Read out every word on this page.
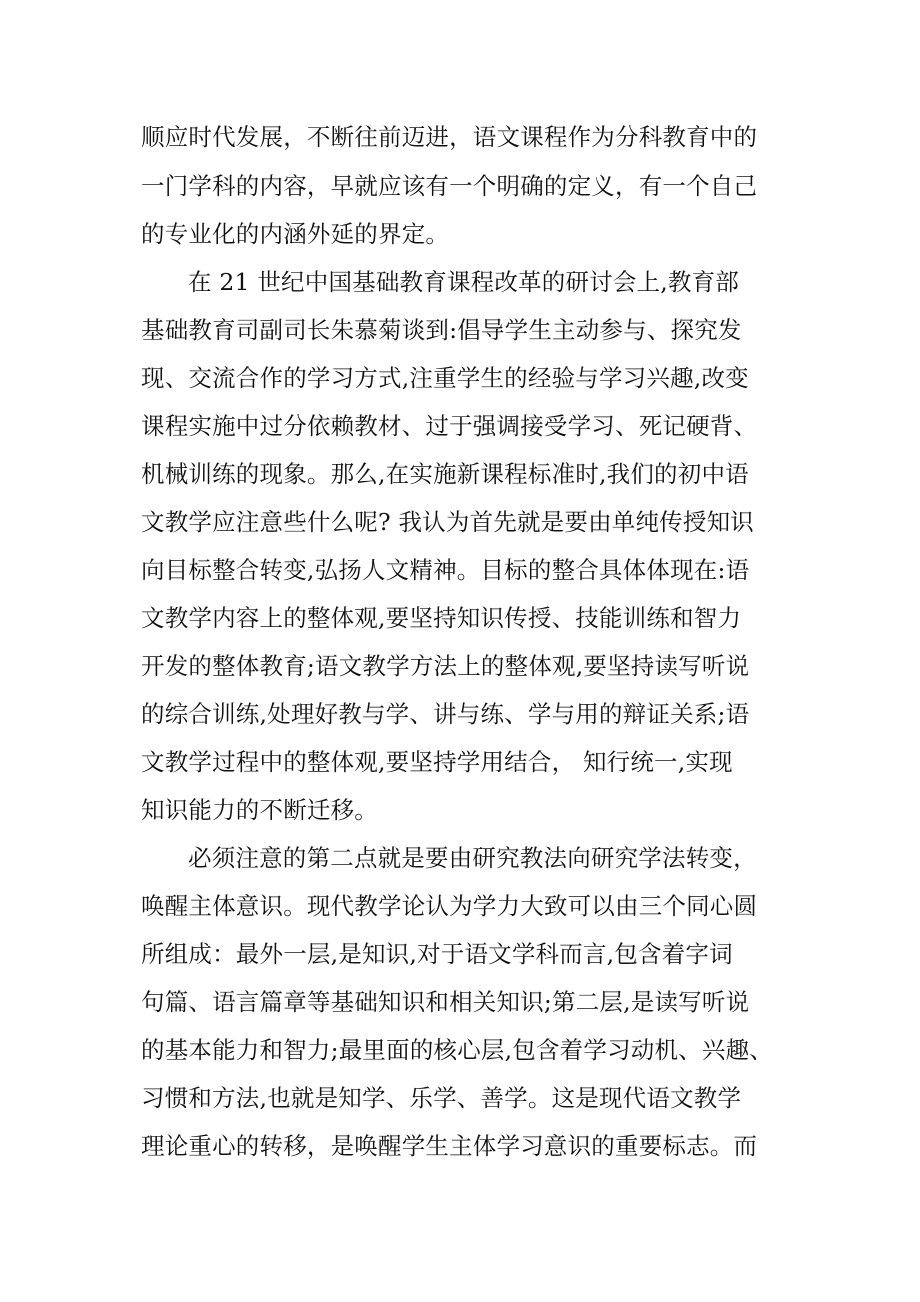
顺应时代发展，不断往前迈进，语文课程作为分科教育中的
一门学科的内容，早就应该有一个明确的定义，有一个自己
的专业化的内涵外延的界定。
在 21 世纪中国基础教育课程改革的研讨会上,教育部
基础教育司副司长朱慕菊谈到:倡导学生主动参与、探究发
现、交流合作的学习方式,注重学生的经验与学习兴趣,改变
课程实施中过分依赖教材、过于强调接受学习、死记硬背、
机械训练的现象。那么,在实施新课程标准时,我们的初中语
文教学应注意些什么呢? 我认为首先就是要由单纯传授知识
向目标整合转变,弘扬人文精神。目标的整合具体体现在:语
文教学内容上的整体观,要坚持知识传授、技能训练和智力
开发的整体教育;语文教学方法上的整体观,要坚持读写听说
的综合训练,处理好教与学、讲与练、学与用的辩证关系;语
文教学过程中的整体观,要坚持学用结合， 知行统一,实现
知识能力的不断迁移。
必须注意的第二点就是要由研究教法向研究学法转变，
唤醒主体意识。现代教学论认为学力大致可以由三个同心圆
所组成：最外一层,是知识,对于语文学科而言,包含着字词
句篇、语言篇章等基础知识和相关知识;第二层,是读写听说
的基本能力和智力;最里面的核心层,包含着学习动机、兴趣、
习惯和方法,也就是知学、乐学、善学。这是现代语文教学
理论重心的转移，是唤醒学生主体学习意识的重要标志。而
